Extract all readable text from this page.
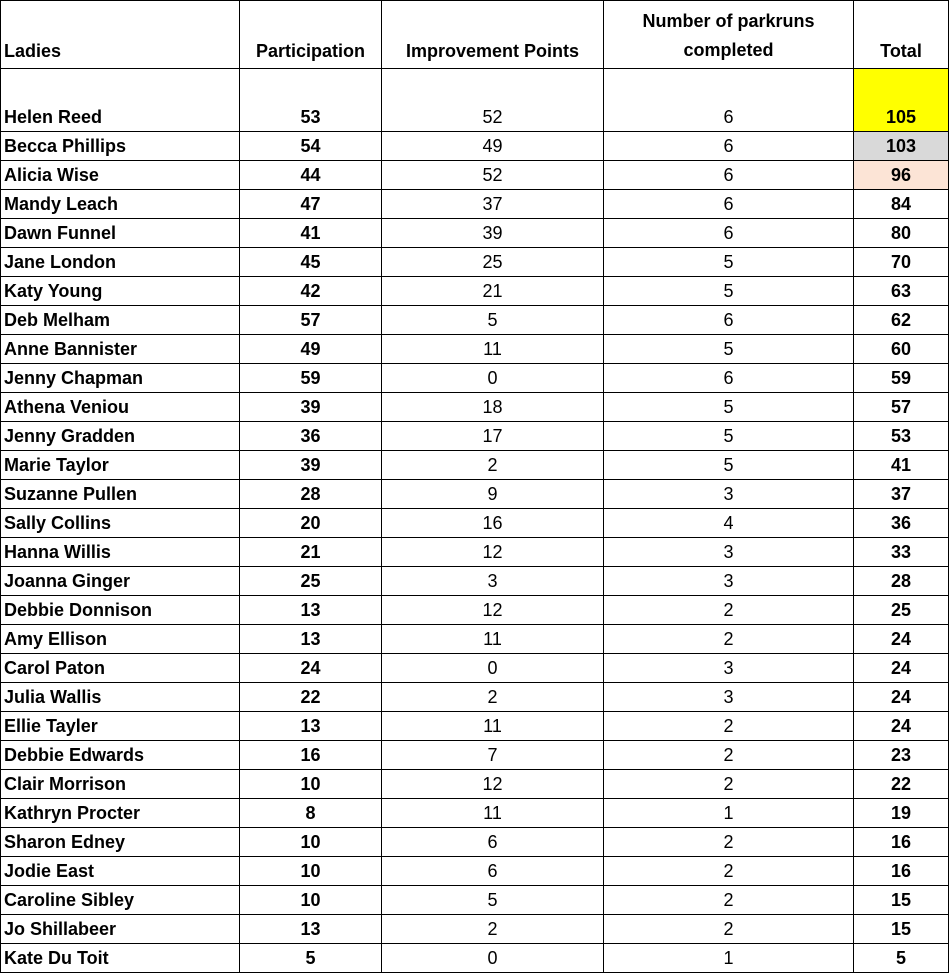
Ladies	Participation	Improvement Points	Number of parkruns completed	Total
Helen Reed	53	52	6	105
Becca Phillips	54	49	6	103
Alicia Wise	44	52	6	96
Mandy Leach	47	37	6	84
Dawn Funnel	41	39	6	80
Jane London	45	25	5	70
Katy Young	42	21	5	63
Deb Melham	57	5	6	62
Anne Bannister	49	11	5	60
Jenny Chapman	59	0	6	59
Athena Veniou	39	18	5	57
Jenny Gradden	36	17	5	53
Marie Taylor	39	2	5	41
Suzanne Pullen	28	9	3	37
Sally Collins	20	16	4	36
Hanna Willis	21	12	3	33
Joanna Ginger	25	3	3	28
Debbie Donnison	13	12	2	25
Amy Ellison	13	11	2	24
Carol Paton	24	0	3	24
Julia Wallis	22	2	3	24
Ellie Tayler	13	11	2	24
Debbie Edwards	16	7	2	23
Clair Morrison	10	12	2	22
Kathryn Procter	8	11	1	19
Sharon Edney	10	6	2	16
Jodie East	10	6	2	16
Caroline Sibley	10	5	2	15
Jo Shillabeer	13	2	2	15
Kate Du Toit	5	0	1	5
